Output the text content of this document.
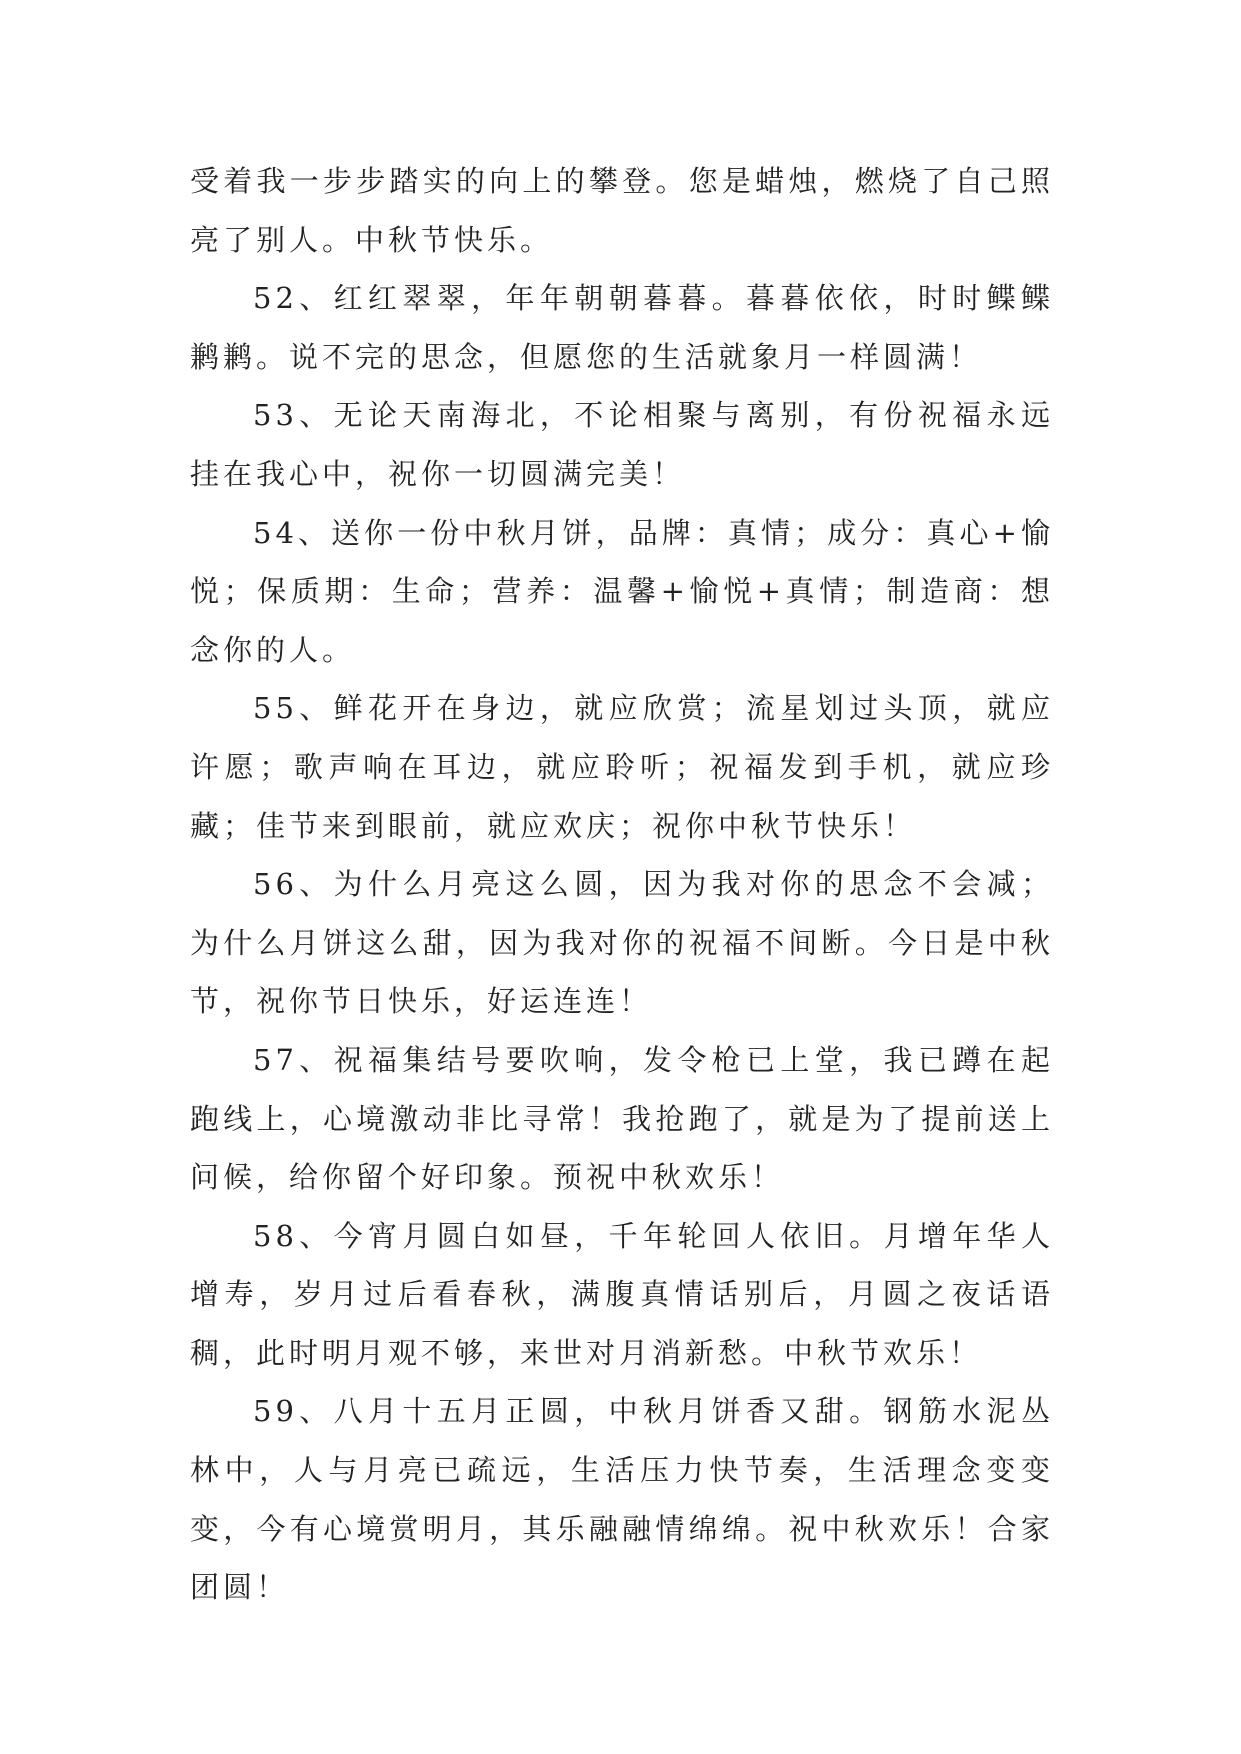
受着我一步步踏实的向上的攀登。您是蜡烛，燃烧了自己照亮了别人。中秋节快乐。

52、红红翠翠，年年朝朝暮暮。暮暮依依，时时鲽鲽鹣鹣。说不完的思念，但愿您的生活就象月一样圆满！

53、无论天南海北，不论相聚与离别，有份祝福永远挂在我心中，祝你一切圆满完美！

54、送你一份中秋月饼，品牌：真情；成分：真心+愉悦；保质期：生命；营养：温馨+愉悦+真情；制造商：想念你的人。

55、鲜花开在身边，就应欣赏；流星划过头顶，就应许愿；歌声响在耳边，就应聆听；祝福发到手机，就应珍藏；佳节来到眼前，就应欢庆；祝你中秋节快乐！

56、为什么月亮这么圆，因为我对你的思念不会减；为什么月饼这么甜，因为我对你的祝福不间断。今日是中秋节，祝你节日快乐，好运连连！

57、祝福集结号要吹响，发令枪已上堂，我已蹲在起跑线上，心境激动非比寻常！我抢跑了，就是为了提前送上问候，给你留个好印象。预祝中秋欢乐！

58、今宵月圆白如昼，千年轮回人依旧。月增年华人增寿，岁月过后看春秋，满腹真情话别后，月圆之夜话语稠，此时明月观不够，来世对月消新愁。中秋节欢乐！

59、八月十五月正圆，中秋月饼香又甜。钢筋水泥丛林中，人与月亮已疏远，生活压力快节奏，生活理念变变变，今有心境赏明月，其乐融融情绵绵。祝中秋欢乐！合家团圆！
